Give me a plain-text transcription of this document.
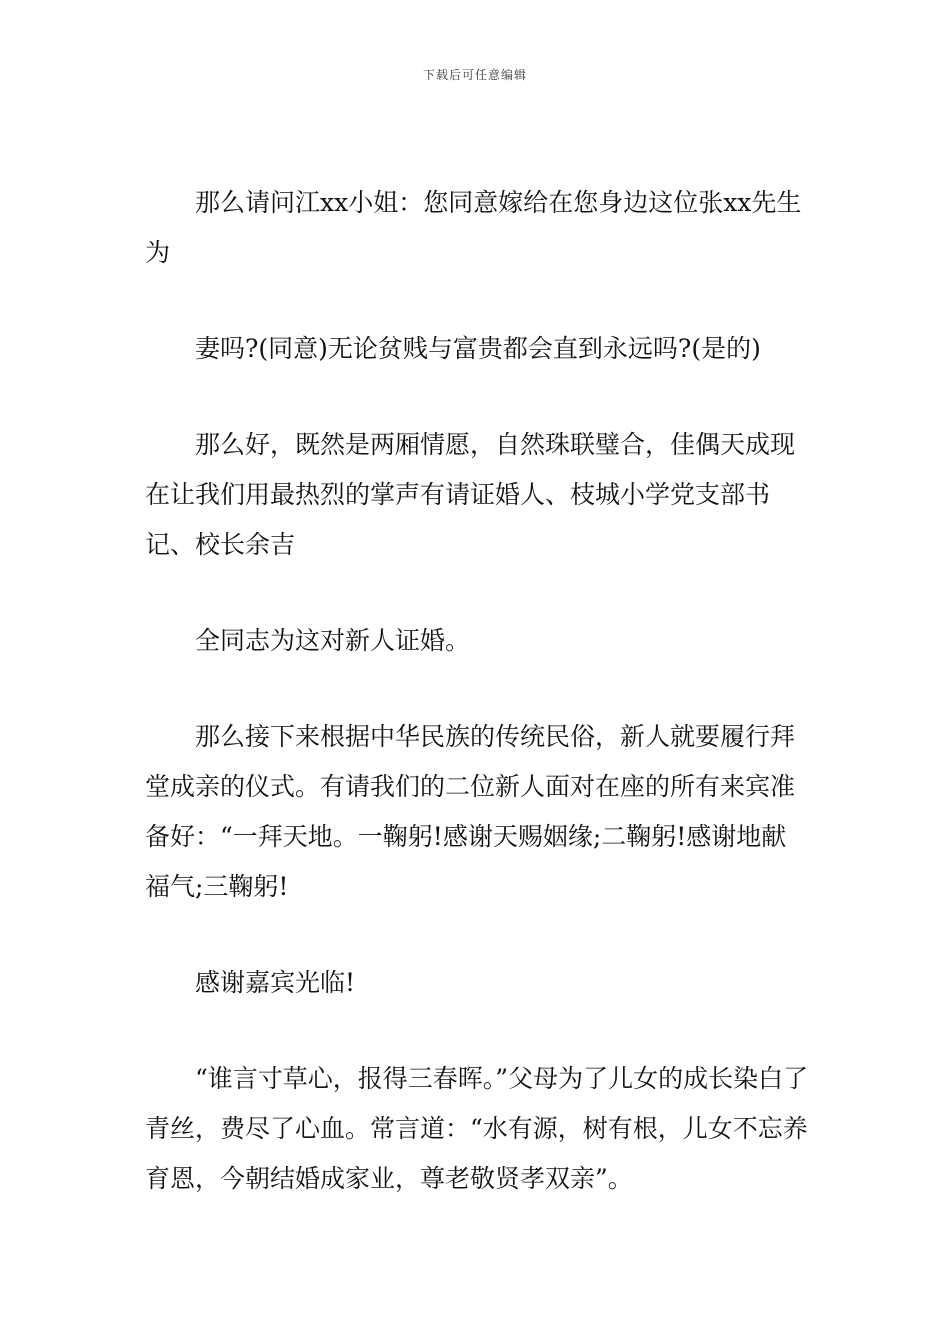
下载后可任意编辑

那么请问江xx小姐：您同意嫁给在您身边这位张xx先生为

妻吗?(同意)无论贫贱与富贵都会直到永远吗?(是的)

那么好，既然是两厢情愿，自然珠联璧合，佳偶天成现在让我们用最热烈的掌声有请证婚人、枝城小学党支部书记、校长余吉

全同志为这对新人证婚。

那么接下来根据中华民族的传统民俗，新人就要履行拜堂成亲的仪式。有请我们的二位新人面对在座的所有来宾准备好：“一拜天地。一鞠躬!感谢天赐姻缘;二鞠躬!感谢地献福气;三鞠躬!

感谢嘉宾光临!

“谁言寸草心，报得三春晖。”父母为了儿女的成长染白了青丝，费尽了心血。常言道：“水有源，树有根，儿女不忘养育恩，今朝结婚成家业，尊老敬贤孝双亲”。
